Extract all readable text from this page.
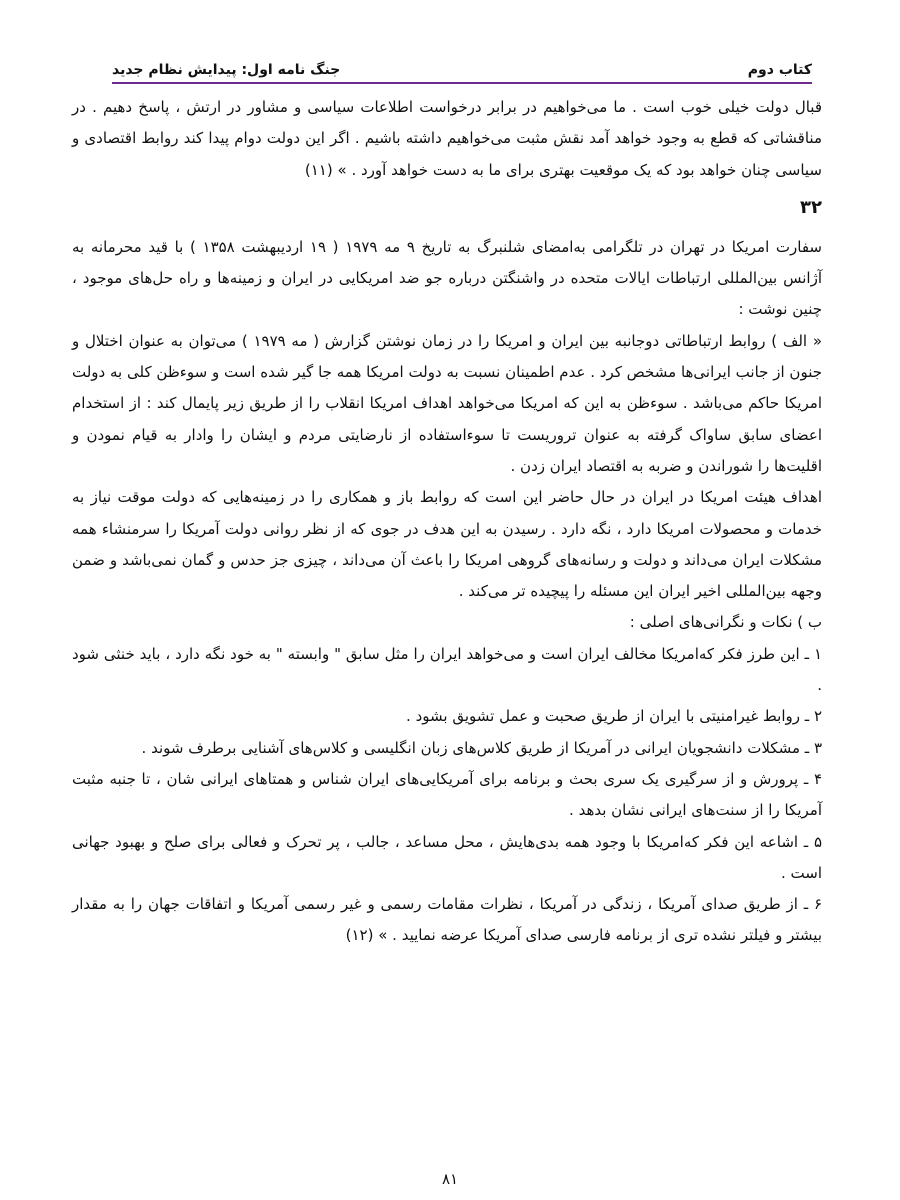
کتاب دوم
جنگ نامه اول: پیدایش نظام جدید

قبال دولت خیلی خوب است . ما می‌خواهیم در برابر درخواست اطلاعات سیاسی و مشاور در ارتش ، پاسخ دهیم . در مناقشاتی که قطع به وجود خواهد آمد نقش مثبت می‌خواهیم داشته باشیم . اگر این دولت دوام پیدا کند روابط اقتصادی و سیاسی چنان خواهد بود که یک موقعیت بهتری برای ما به دست خواهد آورد . » (۱۱)

۳۲

سفارت امریکا در تهران در تلگرامی به‌امضای شلنبرگ به تاریخ ۹ مه ۱۹۷۹ ( ۱۹ اردیبهشت ۱۳۵۸ ) با قید محرمانه به آژانس بین‌المللی ارتباطات ایالات متحده در واشنگتن درباره جو ضد امریکایی در ایران و زمینه‌ها و راه حل‌های موجود ، چنین نوشت :

« الف ) روابط ارتباطاتی دوجانبه بین ایران و امریکا را در زمان نوشتن گزارش ( مه ۱۹۷۹ ) می‌توان به عنوان اختلال و جنون از جانب ایرانی‌ها مشخص کرد . عدم اطمینان نسبت به دولت امریکا همه جا گیر شده است و سوءظن کلی به دولت امریکا حاکم می‌باشد . سوءظن به این که امریکا می‌خواهد اهداف امریکا انقلاب را از طریق زیر پایمال کند : از استخدام اعضای سابق ساواک گرفته به عنوان تروریست تا سوءاستفاده از نارضایتی مردم و ایشان را وادار به قیام نمودن و اقلیت‌ها را شوراندن و ضربه به اقتصاد ایران زدن .

اهداف هیئت امریکا در ایران در حال حاضر این است که روابط باز و همکاری را در زمینه‌هایی که دولت موقت نیاز به خدمات و محصولات امریکا دارد ، نگه دارد . رسیدن به این هدف در جوی که از نظر روانی دولت آمریکا را سرمنشاء همه مشکلات ایران می‌داند و دولت و رسانه‌های گروهی امریکا را باعث آن می‌داند ، چیزی جز حدس و گمان نمی‌باشد و ضمن وجهه بین‌المللی اخیر ایران این مسئله را پیچیده تر می‌کند .

ب ) نکات و نگرانی‌های اصلی :

۱ ـ این طرز فکر که‌امریکا مخالف ایران است و می‌خواهد ایران را مثل سابق " وابسته " به خود نگه دارد ، باید خنثی شود .

۲ ـ روابط غیرامنیتی با ایران از طریق صحبت و عمل تشویق بشود .

۳ ـ مشکلات دانشجویان ایرانی در آمریکا از طریق کلاس‌های زبان انگلیسی و کلاس‌های آشنایی برطرف شوند .

۴ ـ پرورش و از سرگیری یک سری بحث و برنامه برای آمریکایی‌های ایران شناس و همتاهای ایرانی شان ، تا جنبه مثبت آمریکا را از سنت‌های ایرانی نشان بدهد .

۵ ـ اشاعه این فکر که‌امریکا با وجود همه بدی‌هایش ، محل مساعد ، جالب ، پر تحرک و فعالی برای صلح و بهبود جهانی است .

۶ ـ از طریق صدای آمریکا ، زندگی در آمریکا ، نظرات مقامات رسمی و غیر رسمی آمریکا و اتفاقات جهان را به مقدار بیشتر و فیلتر نشده تری از برنامه فارسی صدای آمریکا عرضه نمایید . » (۱۲)

۸۱
